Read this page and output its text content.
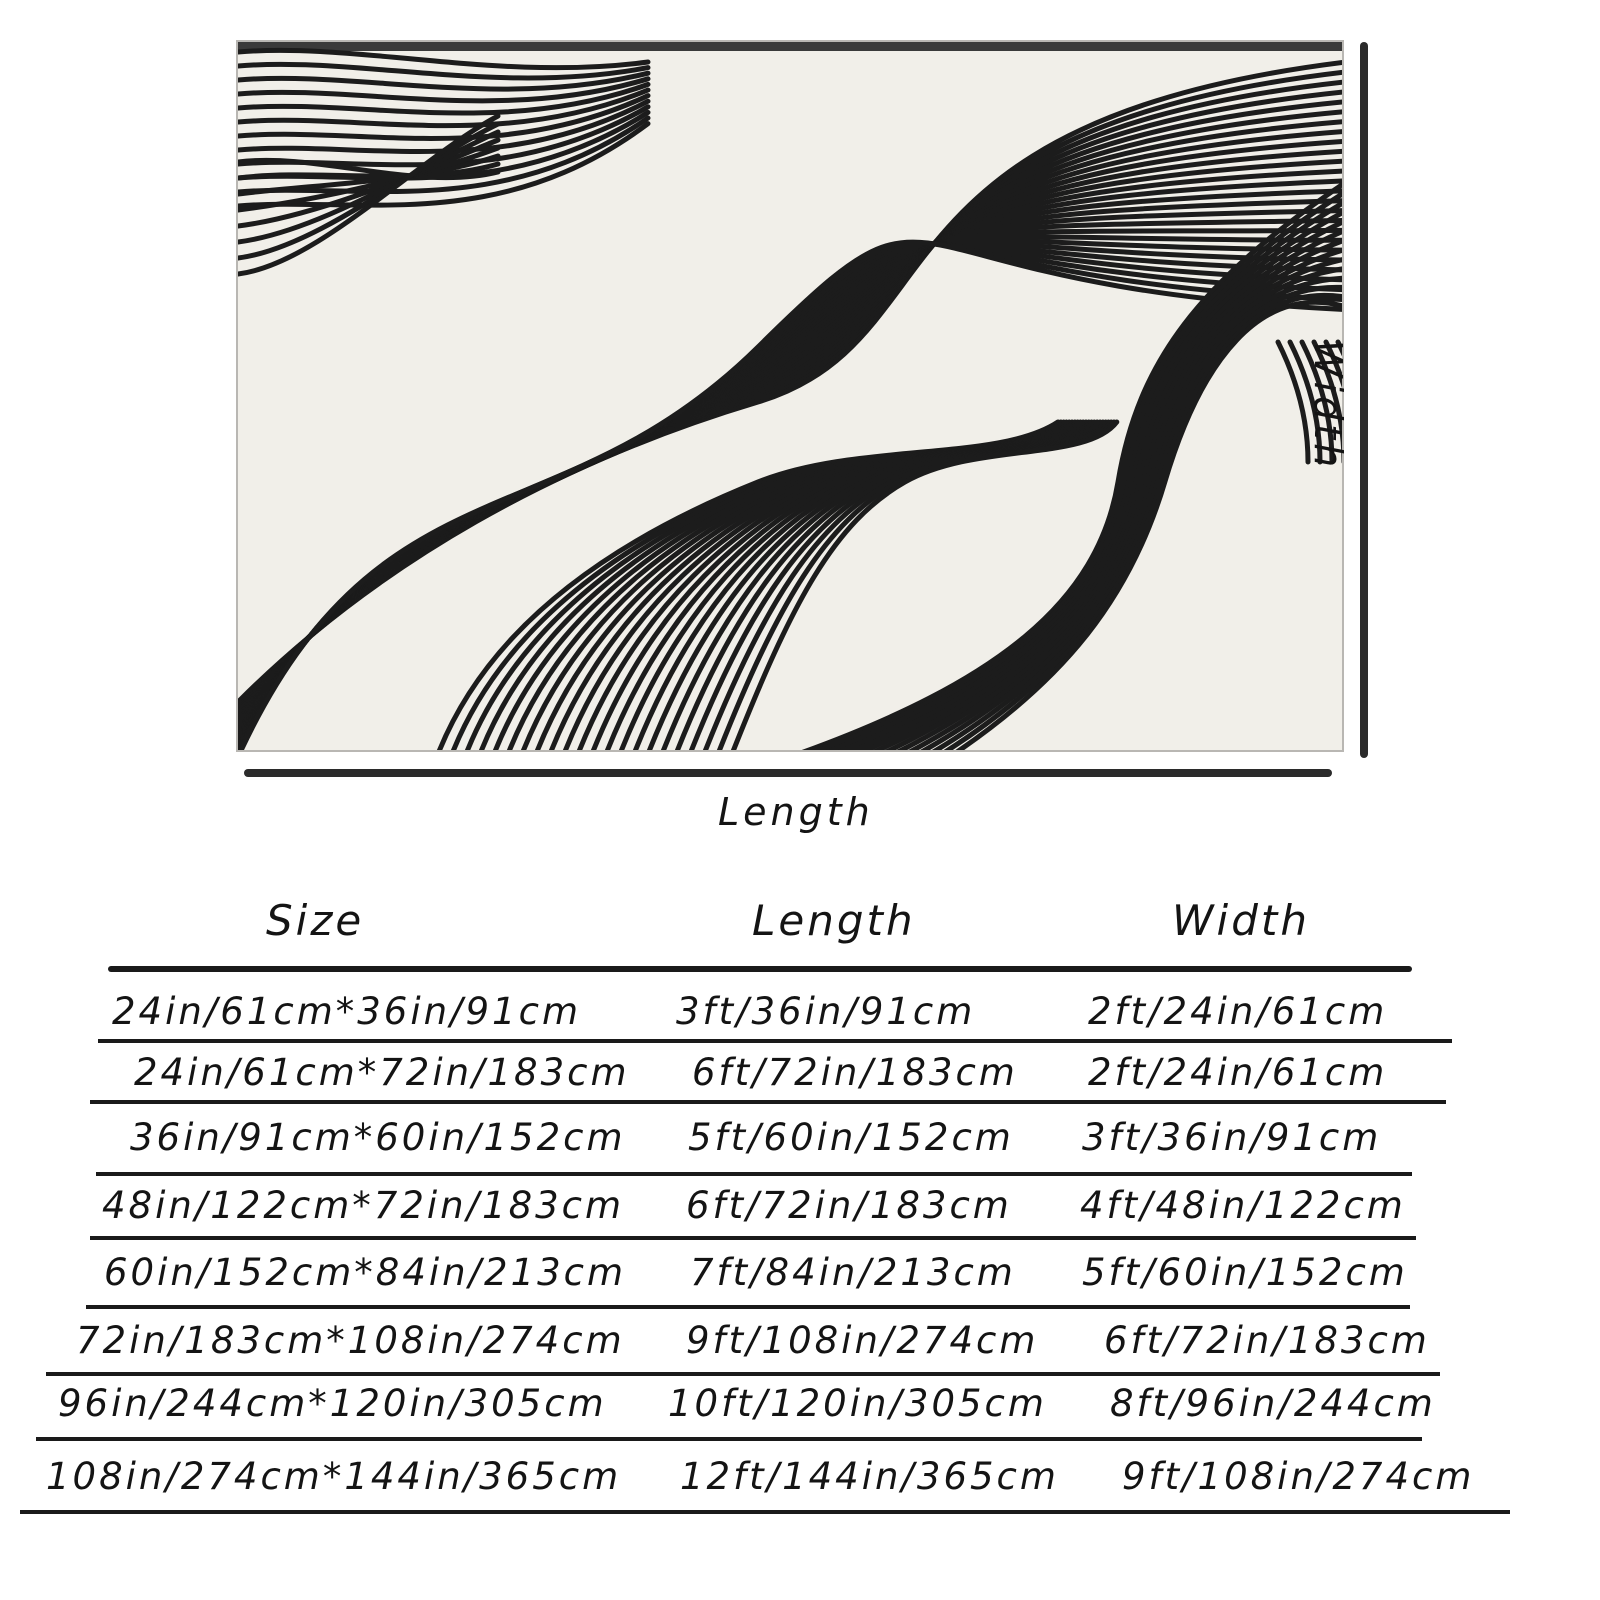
Length
Width
Size	Length	Width
24in/61cm*36in/91cm	3ft/36in/91cm	2ft/24in/61cm
24in/61cm*72in/183cm 6ft/72in/183cm 2ft/24in/61cm
36in/91cm*60in/152cm 5ft/60in/152cm 3ft/36in/91cm
48in/122cm*72in/183cm 6ft/72in/183cm 4ft/48in/122cm
60in/152cm*84in/213cm 7ft/84in/213cm 5ft/60in/152cm
72in/183cm*108in/274cm 9ft/108in/274cm 6ft/72in/183cm
96in/244cm*120in/305cm 10ft/120in/305cm 8ft/96in/244cm
108in/274cm*144in/365cm 12ft/144in/365cm 9ft/108in/274cm
